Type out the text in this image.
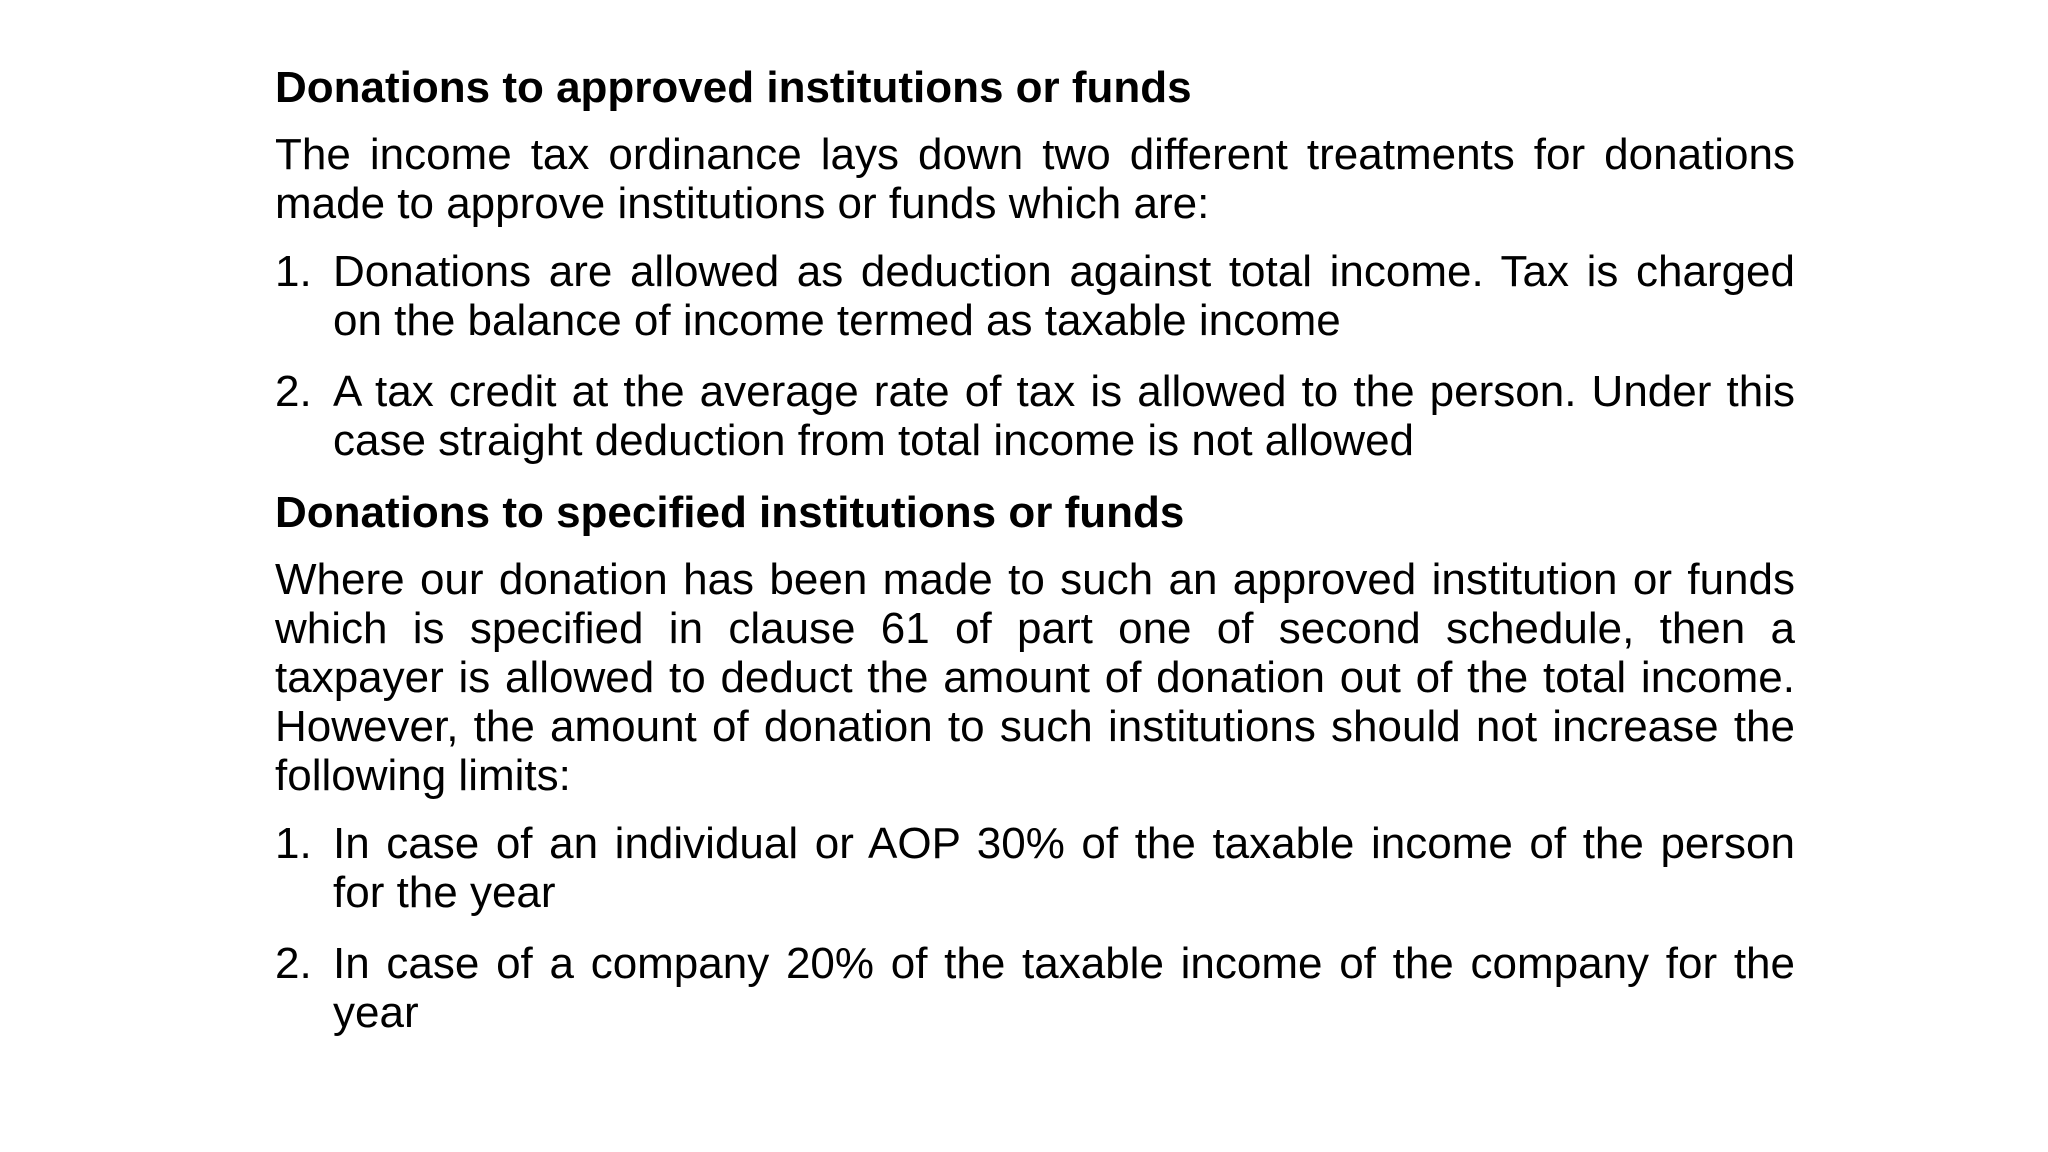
Donations to approved institutions or funds
The income tax ordinance lays down two different treatments for donations made to approve institutions or funds which are:
1. Donations are allowed as deduction against total income. Tax is charged on the balance of income termed as taxable income
2. A tax credit at the average rate of tax is allowed to the person. Under this case straight deduction from total income is not allowed
Donations to specified institutions or funds
Where our donation has been made to such an approved institution or funds which is specified in clause 61 of part one of second schedule, then a taxpayer is allowed to deduct the amount of donation out of the total income. However, the amount of donation to such institutions should not increase the following limits:
1. In case of an individual or AOP 30% of the taxable income of the person for the year
2. In case of a company 20% of the taxable income of the company for the year
